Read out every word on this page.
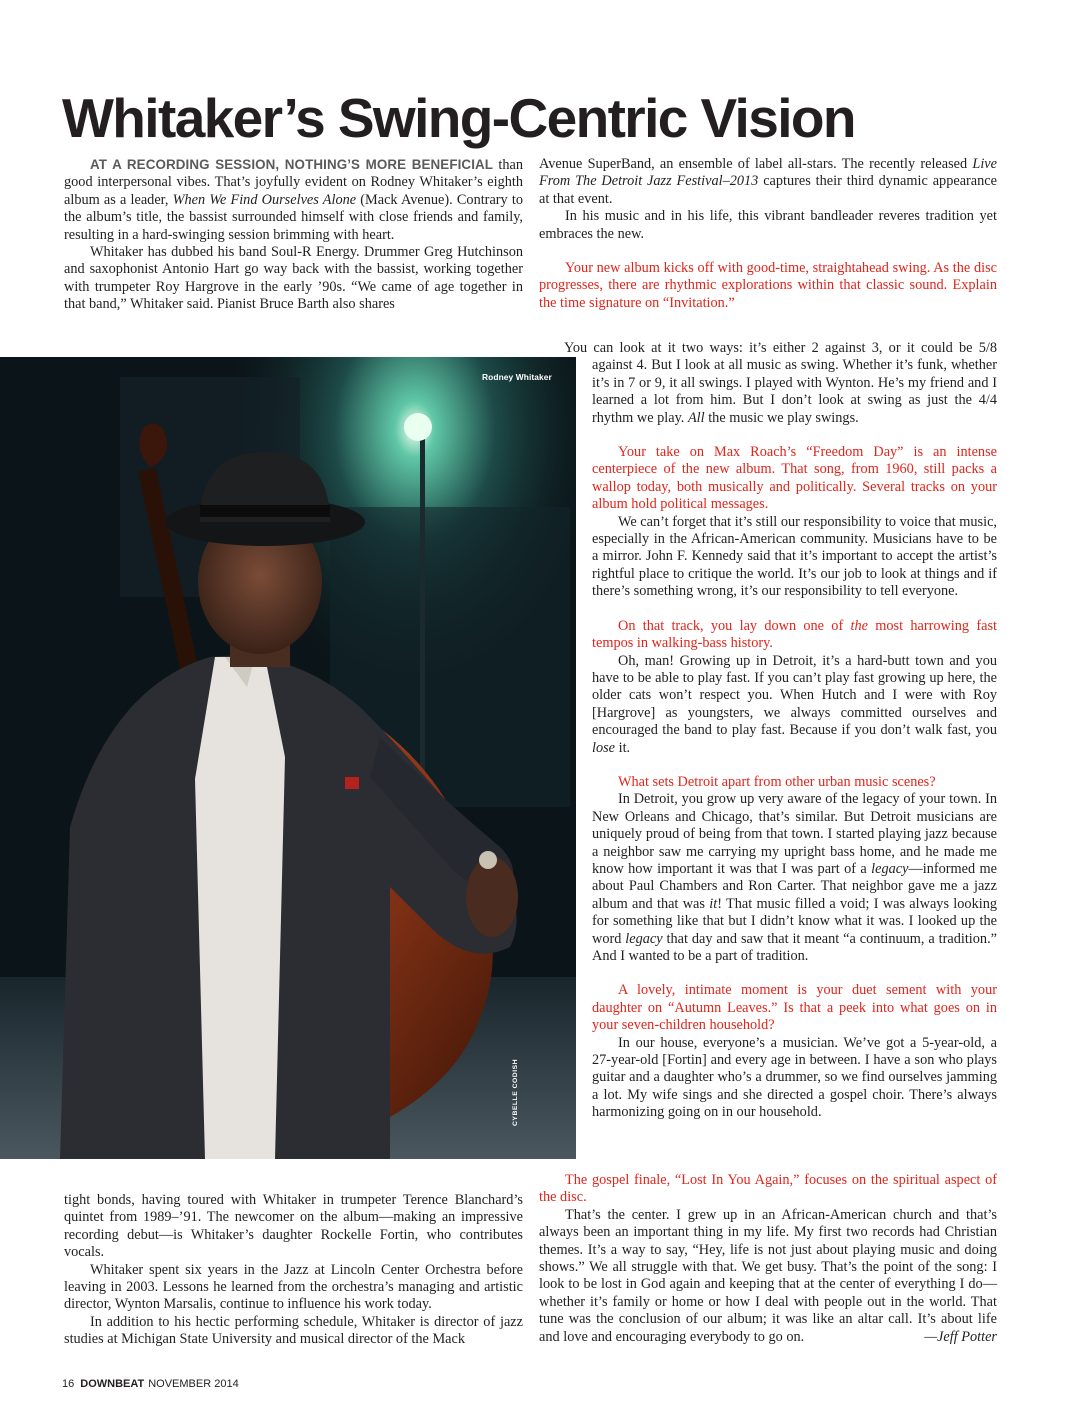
Whitaker’s Swing-Centric Vision

AT A RECORDING SESSION, NOTHING’S MORE BENEFICIAL than good interpersonal vibes. That’s joyfully evident on Rodney Whitaker’s eighth album as a leader, When We Find Ourselves Alone (Mack Avenue). Contrary to the album’s title, the bassist surrounded himself with close friends and family, resulting in a hard-swinging session brimming with heart.

Whitaker has dubbed his band Soul-R Energy. Drummer Greg Hutchinson and saxophonist Antonio Hart go way back with the bassist, working together with trumpeter Roy Hargrove in the early ’90s. “We came of age together in that band,” Whitaker said. Pianist Bruce Barth also shares

Rodney Whitaker
CYBELLE CODISH

tight bonds, having toured with Whitaker in trumpeter Terence Blanchard’s quintet from 1989–’91. The newcomer on the album—making an impressive recording debut—is Whitaker’s daughter Rockelle Fortin, who contributes vocals.

Whitaker spent six years in the Jazz at Lincoln Center Orchestra before leaving in 2003. Lessons he learned from the orchestra’s managing and artistic director, Wynton Marsalis, continue to influence his work today.

In addition to his hectic performing schedule, Whitaker is director of jazz studies at Michigan State University and musical director of the Mack

Avenue SuperBand, an ensemble of label all-stars. The recently released Live From The Detroit Jazz Festival–2013 captures their third dynamic appearance at that event.

In his music and in his life, this vibrant bandleader reveres tradition yet embraces the new.

Your new album kicks off with good-time, straightahead swing. As the disc progresses, there are rhythmic explorations within that classic sound. Explain the time signature on “Invitation.”

You can look at it two ways: it’s either 2 against 3, or it could be 5/8 against 4. But I look at all music as swing. Whether it’s funk, whether it’s in 7 or 9, it all swings. I played with Wynton. He’s my friend and I learned a lot from him. But I don’t look at swing as just the 4/4 rhythm we play. All the music we play swings.

Your take on Max Roach’s “Freedom Day” is an intense centerpiece of the new album. That song, from 1960, still packs a wallop today, both musically and politically. Several tracks on your album hold political messages.

We can’t forget that it’s still our responsibility to voice that music, especially in the African-American community. Musicians have to be a mirror. John F. Kennedy said that it’s important to accept the artist’s rightful place to critique the world. It’s our job to look at things and if there’s something wrong, it’s our responsibility to tell everyone.

On that track, you lay down one of the most harrowing fast tempos in walking-bass history.

Oh, man! Growing up in Detroit, it’s a hard-butt town and you have to be able to play fast. If you can’t play fast growing up here, the older cats won’t respect you. When Hutch and I were with Roy [Hargrove] as youngsters, we always committed ourselves and encouraged the band to play fast. Because if you don’t walk fast, you lose it.

What sets Detroit apart from other urban music scenes?

In Detroit, you grow up very aware of the legacy of your town. In New Orleans and Chicago, that’s similar. But Detroit musicians are uniquely proud of being from that town. I started playing jazz because a neighbor saw me carrying my upright bass home, and he made me know how important it was that I was part of a legacy—informed me about Paul Chambers and Ron Carter. That neighbor gave me a jazz album and that was it! That music filled a void; I was always looking for something like that but I didn’t know what it was. I looked up the word legacy that day and saw that it meant “a continuum, a tradition.” And I wanted to be a part of tradition.

A lovely, intimate moment is your duet sement with your daughter on “Autumn Leaves.” Is that a peek into what goes on in your seven-children household?

In our house, everyone’s a musician. We’ve got a 5-year-old, a 27-year-old [Fortin] and every age in between. I have a son who plays guitar and a daughter who’s a drummer, so we find ourselves jamming a lot. My wife sings and she directed a gospel choir. There’s always harmonizing going on in our household.

The gospel finale, “Lost In You Again,” focuses on the spiritual aspect of the disc.

That’s the center. I grew up in an African-American church and that’s always been an important thing in my life. My first two records had Christian themes. It’s a way to say, “Hey, life is not just about playing music and doing shows.” We all struggle with that. We get busy. That’s the point of the song: I look to be lost in God again and keeping that at the center of everything I do—whether it’s family or home or how I deal with people out in the world. That tune was the conclusion of our album; it was like an altar call. It’s about life and love and encouraging everybody to go on.	—Jeff Potter

16 DOWNBEAT NOVEMBER 2014
